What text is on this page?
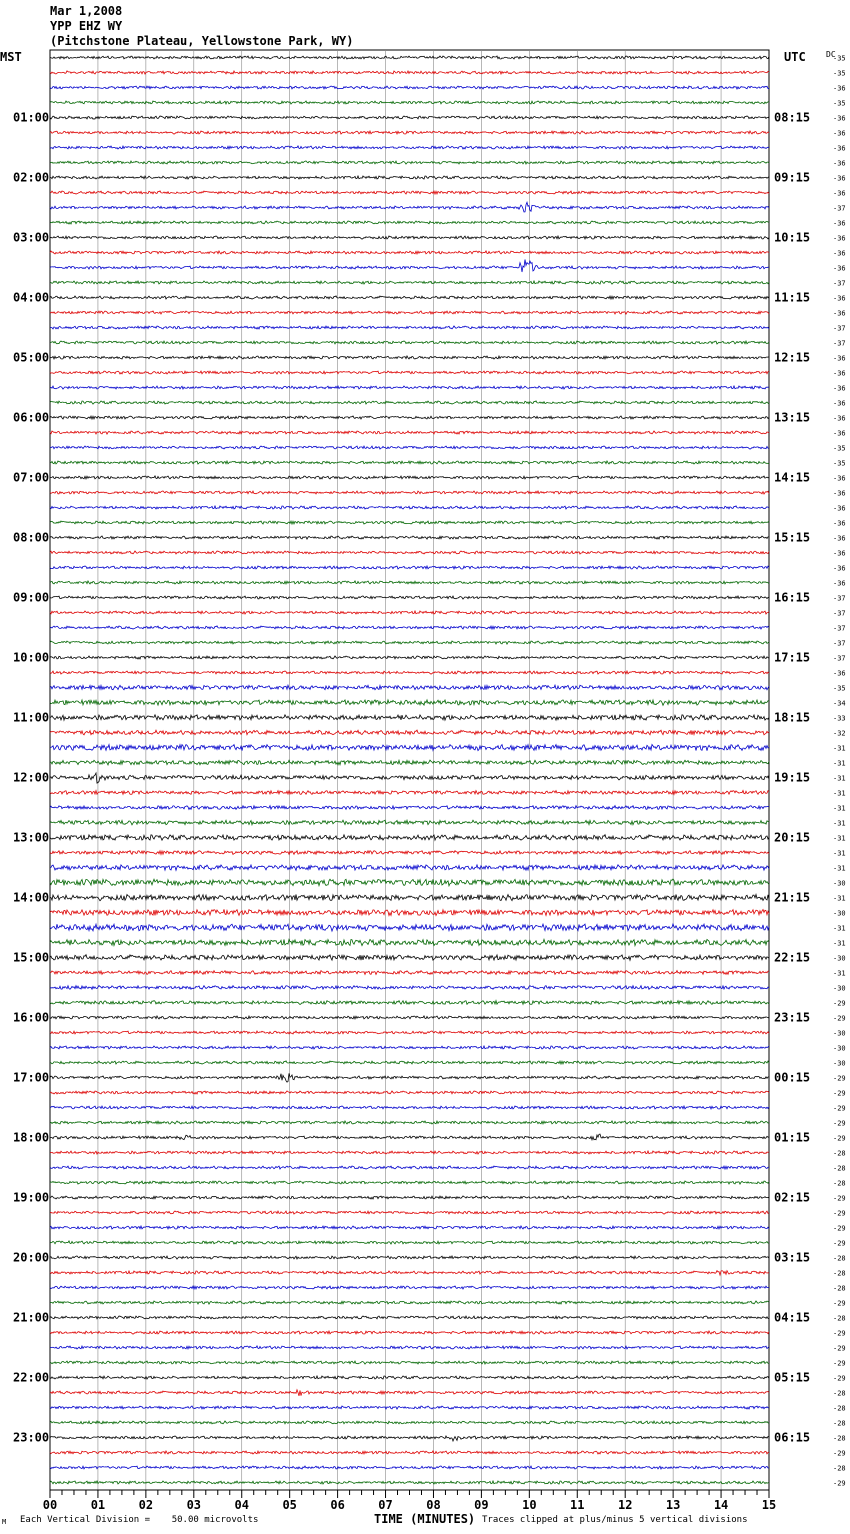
Mar 1,2008
YPP EHZ WY
(Pitchstone Plateau, Yellowstone Park, WY)
MST	UTC	DC
-35
-35
-36
-35
-36
-36
-36
-36
-36
-36
-37
-36
-36
-36
-36
-37
-36
-36
-37
-37
-36
-36
-36
-36
-36
-36
-35
-35
-36
-36
-36
-36
-36
-36
-36
-36
-37
-37
-37
-37
-37
-36
-35
-34
-33
-32
-31
-31
-31
-31
-31
-31
-31
-31
-31
-30
-31
-30
-31
-31
-30
-31
-30
-29
-29
-30
-30
-30
-29
-29
-29
-29
-29
-28
-28
-28
-29
-29
-29
-29
-28
-28
-28
-29
-28
-29
-29
-29
-29
-28
-28
-28
-28
-29
-28
-29
01:00	08:15
02:00	09:15
03:00	10:15
04:00	11:15
05:00	12:15
06:00	13:15
07:00	14:15
08:00	15:15
09:00	16:15
10:00	17:15
11:00	18:15
12:00	19:15
13:00	20:15
14:00	21:15
15:00	22:15
16:00	23:15
17:00	00:15
18:00	01:15
19:00	02:15
20:00	03:15
21:00	04:15
22:00	05:15
23:00	06:15
00	01	02	03	04	05	06	07	08	09	10	11	12	13	14	15
M Each Vertical Division =    50.00 microvolts	TIME (MINUTES) Traces clipped at plus/minus 5 vertical divisions
